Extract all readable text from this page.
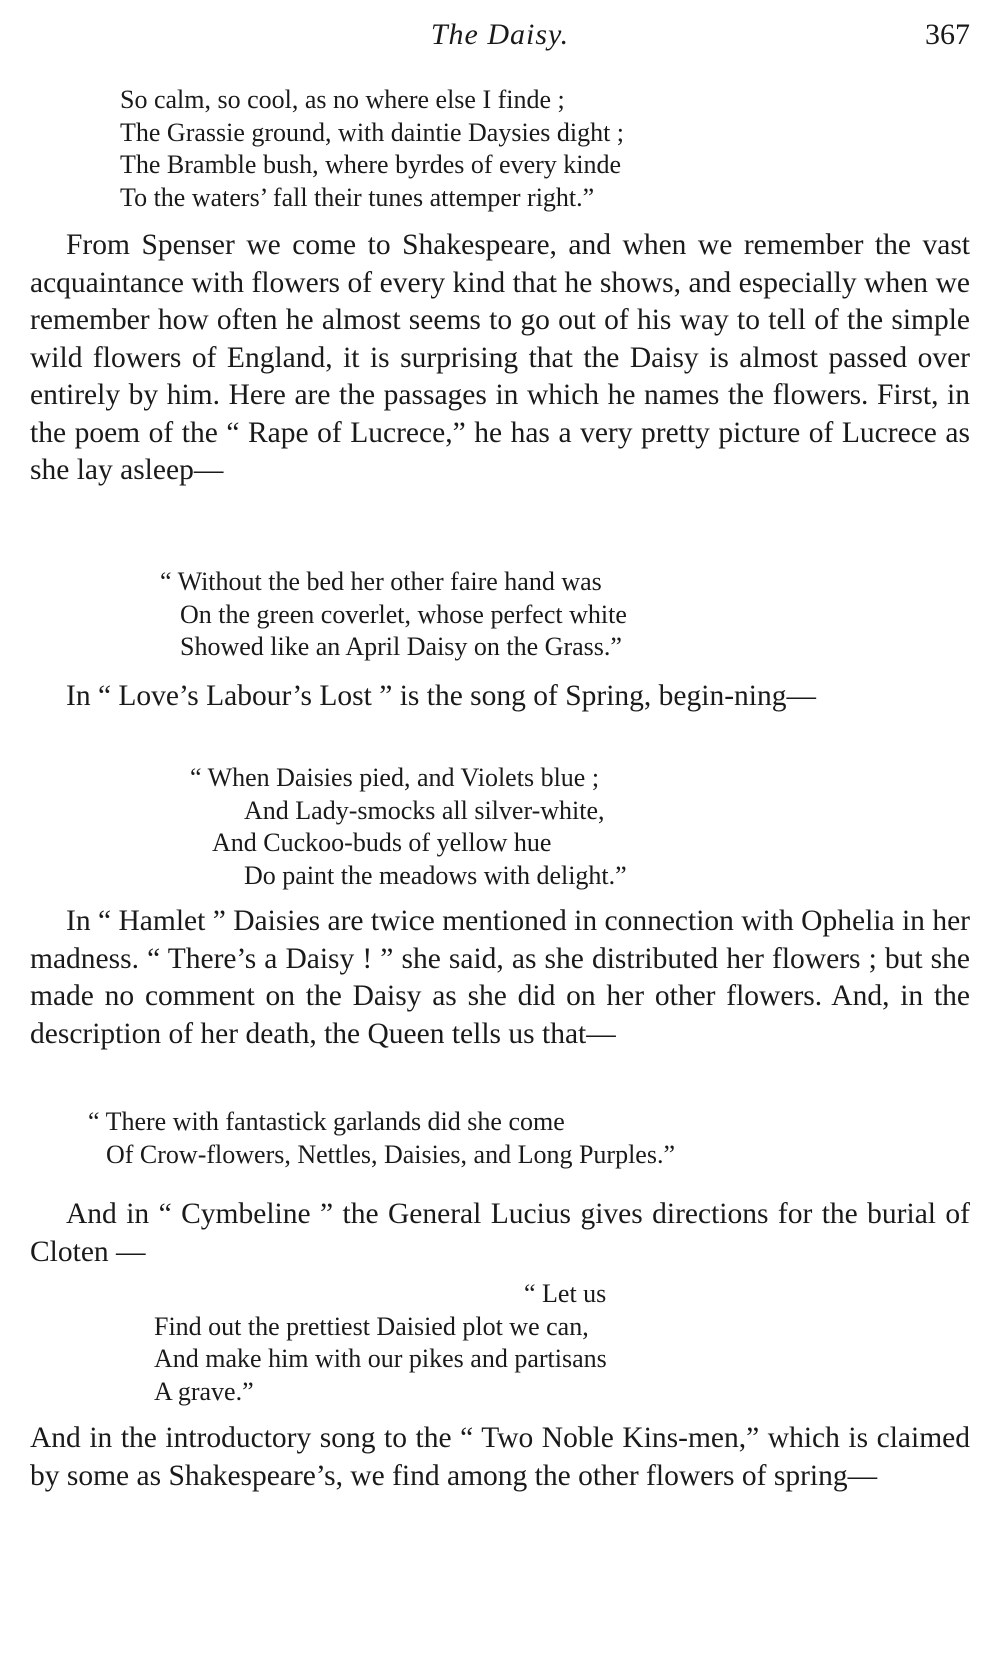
The Daisy.	367
So calm, so cool, as no where else I finde ;
The Grassie ground, with daintie Daysies dight ;
The Bramble bush, where byrdes of every kinde
To the waters’ fall their tunes attemper right.”

From Spenser we come to Shakespeare, and when we remember the vast acquaintance with flowers of every kind that he shows, and especially when we remember how often he almost seems to go out of his way to tell of the simple wild flowers of England, it is surprising that the Daisy is almost passed over entirely by him. Here are the passages in which he names the flowers. First, in the poem of the “ Rape of Lucrece,” he has a very pretty picture of Lucrece as she lay asleep—

“ Without the bed her other faire hand was
On the green coverlet, whose perfect white
Showed like an April Daisy on the Grass.”

In “ Love’s Labour’s Lost ” is the song of Spring, begin-ning—

“ When Daisies pied, and Violets blue ;
And Lady-smocks all silver-white,
And Cuckoo-buds of yellow hue
Do paint the meadows with delight.”

In “ Hamlet ” Daisies are twice mentioned in connection with Ophelia in her madness. “ There’s a Daisy ! ” she said, as she distributed her flowers ; but she made no comment on the Daisy as she did on her other flowers. And, in the description of her death, the Queen tells us that—

“ There with fantastick garlands did she come
Of Crow-flowers, Nettles, Daisies, and Long Purples.”

And in “ Cymbeline ” the General Lucius gives directions for the burial of Cloten —

“ Let us
Find out the prettiest Daisied plot we can,
And make him with our pikes and partisans
A grave.”

And in the introductory song to the “ Two Noble Kins-men,” which is claimed by some as Shakespeare’s, we find among the other flowers of spring—
